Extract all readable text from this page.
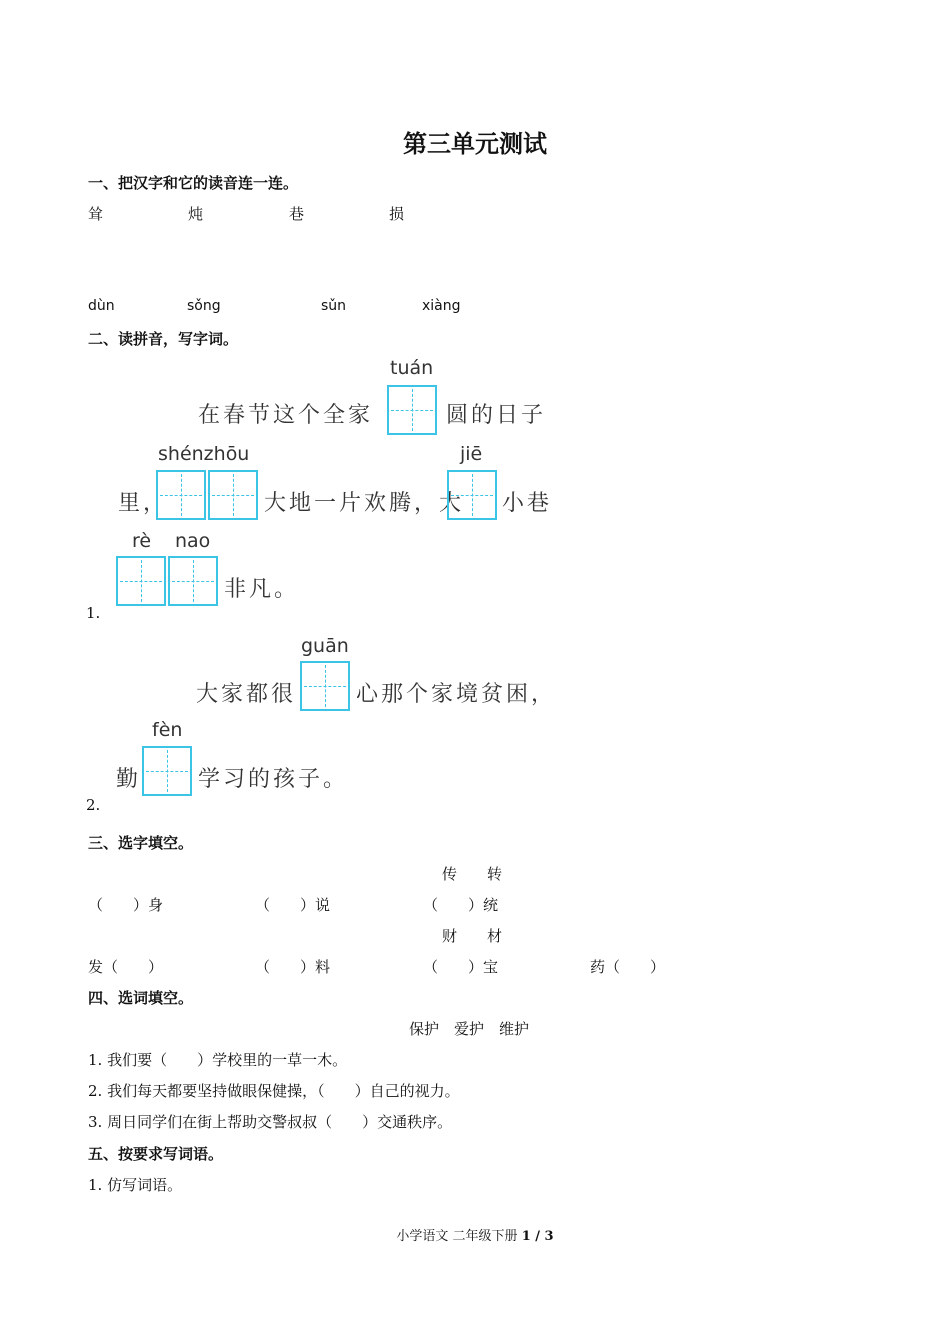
第三单元测试
一、把汉字和它的读音连一连。
耸	炖	巷	损
dùn	sǒng	sǔn	xiàng
二、读拼音，写字词。
tuán
在春节这个全家	圆的日子
shénzhōu
里，	大地一片欢腾，大
jiē
小巷
rè nao
非凡。
1.
guān
大家都很	心那个家境贫困，
fèn
勤	学习的孩子。
2.
三、选字填空。
传　　转
（　　）身	（　　）说	（　　）统
财　　材
发（　　）	（　　）料	（　　）宝	药（　　）
四、选词填空。
保护　爱护　维护
1. 我们要（　　）学校里的一草一木。
2. 我们每天都要坚持做眼保健操，（　　）自己的视力。
3. 周日同学们在街上帮助交警叔叔（　　）交通秩序。
五、按要求写词语。
1. 仿写词语。
小学语文 二年级下册 1 / 3
